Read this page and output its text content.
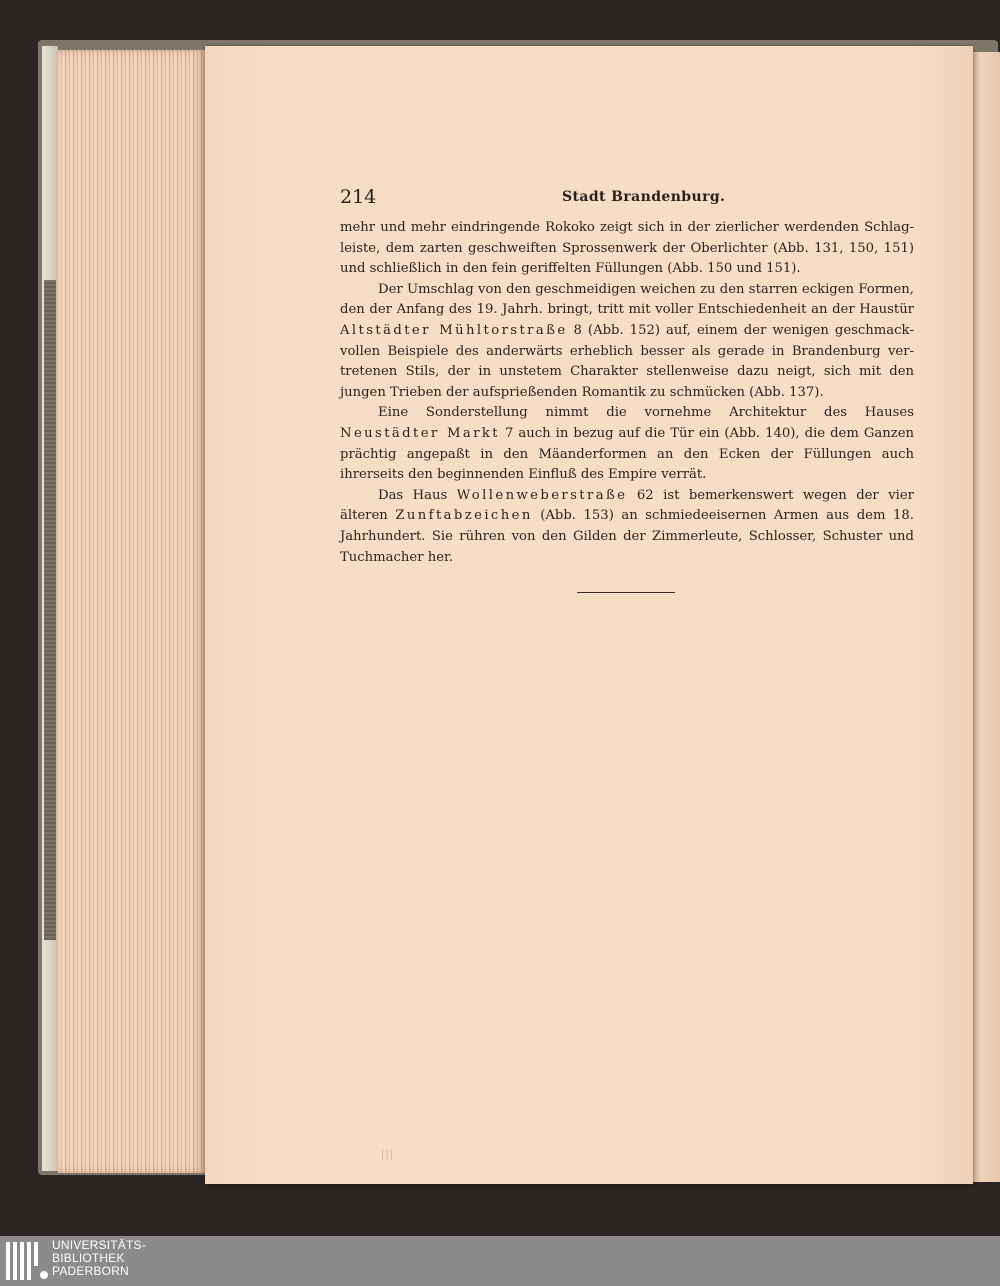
214	Stadt Brandenburg.

mehr und mehr eindringende Rokoko zeigt sich in der zierlicher werdenden Schlagleiste, dem zarten geschweiften Sprossenwerk der Oberlichter (Abb. 131, 150, 151) und schließlich in den fein geriffelten Füllungen (Abb. 150 und 151).

Der Umschlag von den geschmeidigen weichen zu den starren eckigen Formen, den der Anfang des 19. Jahrh. bringt, tritt mit voller Entschiedenheit an der Haustür Altstädter Mühltorstraße 8 (Abb. 152) auf, einem der wenigen geschmackvollen Beispiele des anderwärts erheblich besser als gerade in Brandenburg vertretenen Stils, der in unstetem Charakter stellenweise dazu neigt, sich mit den jungen Trieben der aufsprießenden Romantik zu schmücken (Abb. 137).

Eine Sonderstellung nimmt die vornehme Architektur des Hauses Neustädter Markt 7 auch in bezug auf die Tür ein (Abb. 140), die dem Ganzen prächtig angepaßt in den Mäanderformen an den Ecken der Füllungen auch ihrerseits den beginnenden Einfluß des Empire verrät.

Das Haus Wollenweberstraße 62 ist bemerkenswert wegen der vier älteren Zunftabzeichen (Abb. 153) an schmiedeeisernen Armen aus dem 18. Jahrhundert. Sie rühren von den Gilden der Zimmerleute, Schlosser, Schuster und Tuchmacher her.

|||
UNIVERSITÄTS-
BIBLIOTHEK
PADERBORN
